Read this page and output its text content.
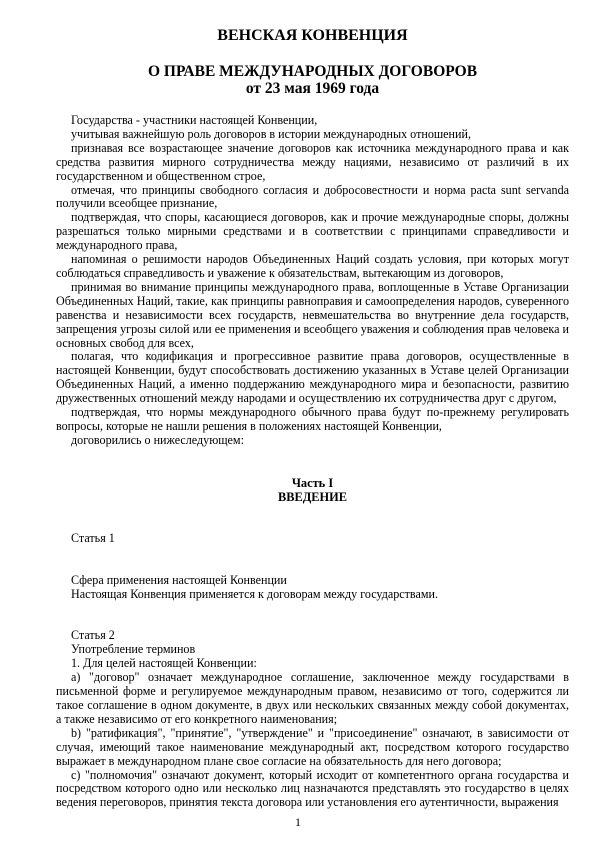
ВЕНСКАЯ КОНВЕНЦИЯ
О ПРАВЕ МЕЖДУНАРОДНЫХ ДОГОВОРОВ
от 23 мая 1969 года

Государства - участники настоящей Конвенции,

учитывая важнейшую роль договоров в истории международных отношений,

признавая все возрастающее значение договоров как источника международного права и как средства развития мирного сотрудничества между нациями, независимо от различий в их государственном и общественном строе,

отмечая, что принципы свободного согласия и добросовестности и норма pacta sunt servanda получили всеобщее признание,

подтверждая, что споры, касающиеся договоров, как и прочие международные споры, должны разрешаться только мирными средствами и в соответствии с принципами справедливости и международного права,

напоминая о решимости народов Объединенных Наций создать условия, при которых могут соблюдаться справедливость и уважение к обязательствам, вытекающим из договоров,

принимая во внимание принципы международного права, воплощенные в Уставе Организации Объединенных Наций, такие, как принципы равноправия и самоопределения народов, суверенного равенства и независимости всех государств, невмешательства во внутренние дела государств, запрещения угрозы силой или ее применения и всеобщего уважения и соблюдения прав человека и основных свобод для всех,

полагая, что кодификация и прогрессивное развитие права договоров, осуществленные в настоящей Конвенции, будут способствовать достижению указанных в Уставе целей Организации Объединенных Наций, а именно поддержанию международного мира и безопасности, развитию дружественных отношений между народами и осуществлению их сотрудничества друг с другом,

подтверждая, что нормы международного обычного права будут по-прежнему регулировать вопросы, которые не нашли решения в положениях настоящей Конвенции,

договорились о нижеследующем:

Часть I
ВВЕДЕНИЕ

Статья 1

Сфера применения настоящей Конвенции

Настоящая Конвенция применяется к договорам между государствами.

Статья 2

Употребление терминов

1. Для целей настоящей Конвенции:

a) "договор" означает международное соглашение, заключенное между государствами в письменной форме и регулируемое международным правом, независимо от того, содержится ли такое соглашение в одном документе, в двух или нескольких связанных между собой документах, а также независимо от его конкретного наименования;

b) "ратификация", "принятие", "утверждение" и "присоединение" означают, в зависимости от случая, имеющий такое наименование международный акт, посредством которого государство выражает в международном плане свое согласие на обязательность для него договора;

c) "полномочия" означают документ, который исходит от компетентного органа государства и посредством которого одно или несколько лиц назначаются представлять это государство в целях ведения переговоров, принятия текста договора или установления его аутентичности, выражения

1
